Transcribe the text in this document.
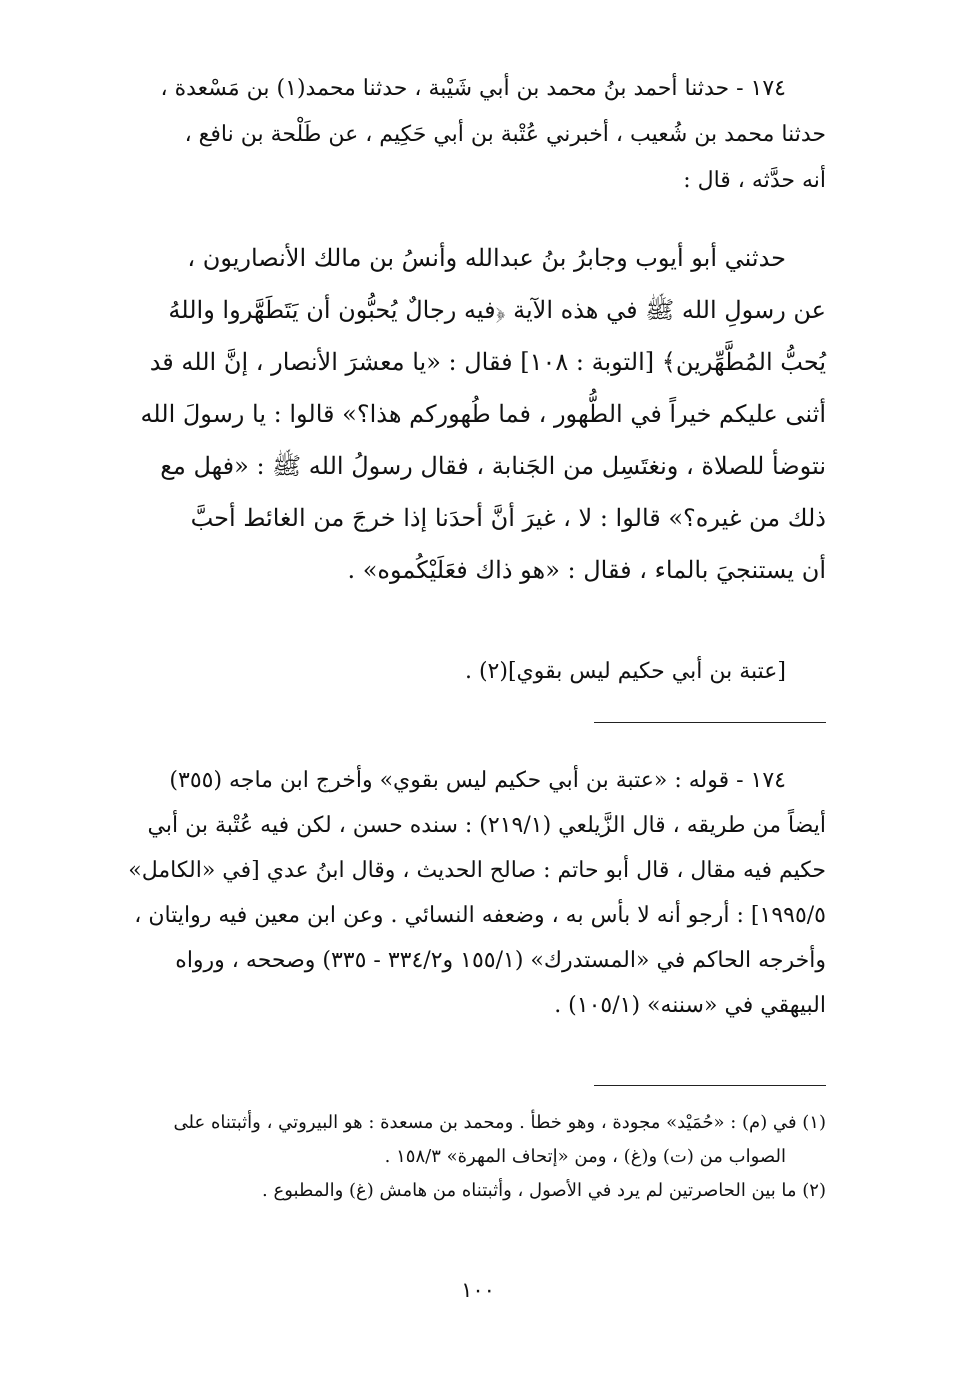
١٧٤ - حدثنا أحمد بنُ محمد بن أبي شَيْبة ، حدثنا محمد(١) بن مَسْعدة ،
حدثنا محمد بن شُعيب ، أخبرني عُتْبة بن أبي حَكِيم ، عن طَلْحة بن نافع ،
أنه حدَّثه ، قال :
حدثني أبو أيوب وجابرُ بنُ عبدالله وأنسُ بن مالك الأنصاريون ،
عن رسولِ الله ﷺ في هذه الآية ﴿فيه رجالٌ يُحبُّون أن يَتَطَهَّروا واللهُ
يُحبُّ المُطَّهِّرين﴾ [التوبة : ١٠٨] فقال : «يا معشرَ الأنصار ، إنَّ الله قد
أثنى عليكم خيراً في الطُّهور ، فما طُهوركم هذا؟» قالوا : يا رسولَ الله
نتوضأ للصلاة ، ونغتَسِل من الجَنابة ، فقال رسولُ الله ﷺ : «فهل مع
ذلك من غيره؟» قالوا : لا ، غيرَ أنَّ أحدَنا إذا خرجَ من الغائط أحبَّ
أن يستنجيَ بالماء ، فقال : «هو ذاك فعَلَيْكُموه» .
[عتبة بن أبي حكيم ليس بقوي](٢) .
١٧٤ - قوله : «عتبة بن أبي حكيم ليس بقوي» وأخرج ابن ماجه (٣٥٥)
أيضاً من طريقه ، قال الزَّيلعي (٢١٩/١) : سنده حسن ، لكن فيه عُتْبة بن أبي
حكيم فيه مقال ، قال أبو حاتم : صالح الحديث ، وقال ابنُ عدي [في «الكامل»
١٩٩٥/٥] : أرجو أنه لا بأس به ، وضعفه النسائي . وعن ابن معين فيه روايتان ،
وأخرجه الحاكم في «المستدرك» (١٥٥/١ و٣٣٤/٢ - ٣٣٥) وصححه ، ورواه
البيهقي في «سننه» (١٠٥/١) .
(١) في (م) : «حُمَيْد» مجودة ، وهو خطأ . ومحمد بن مسعدة : هو البيروتي ، وأثبتناه على
الصواب من (ت) و(غ) ، ومن «إتحاف المهرة» ١٥٨/٣ .
(٢) ما بين الحاصرتين لم يرد في الأصول ، وأثبتناه من هامش (غ) والمطبوع .
١٠٠
